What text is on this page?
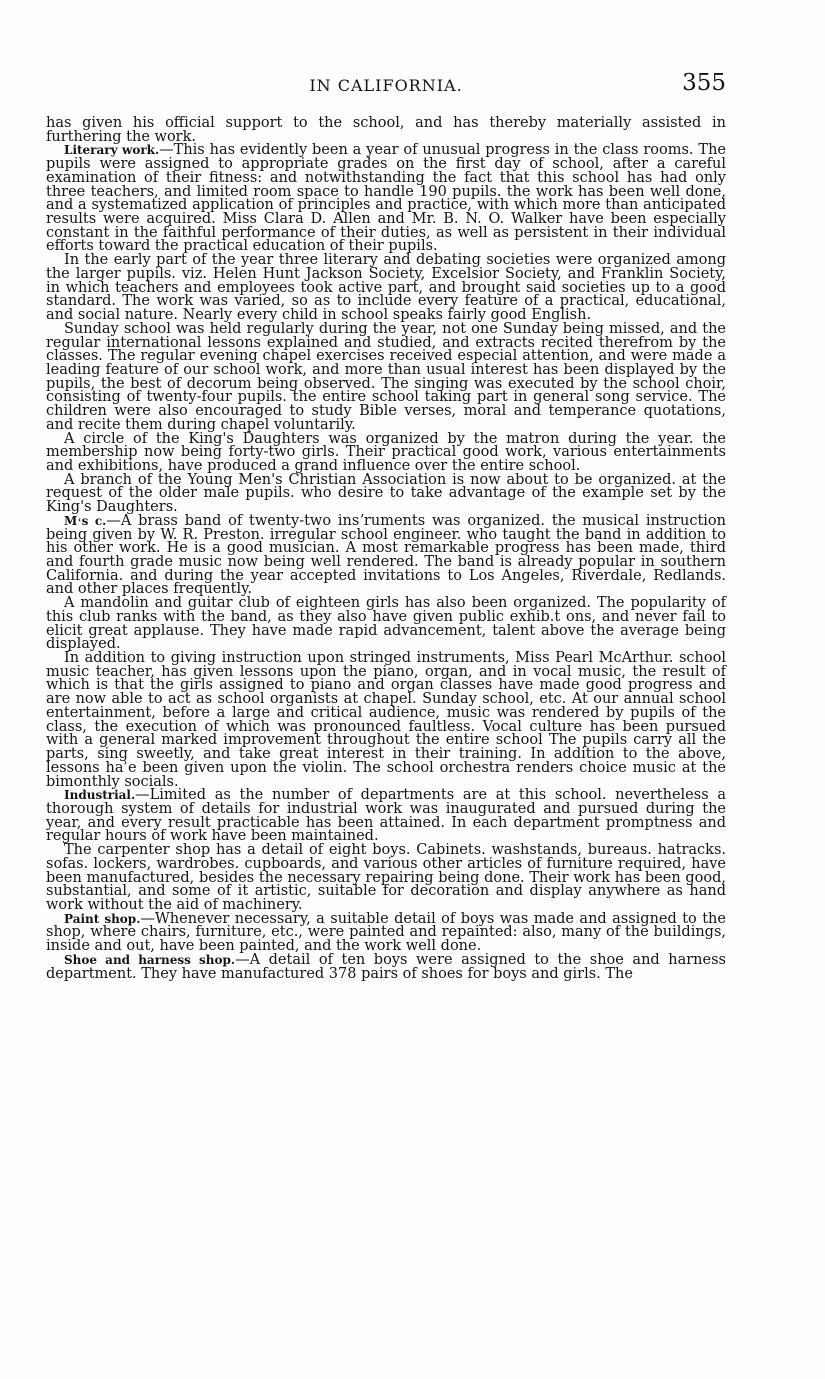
IN CALIFORNIA.	355

has given his official support to the school, and has thereby materially assisted in furthering the work.

Literary work.—This has evidently been a year of unusual progress in the class rooms. The pupils were assigned to appropriate grades on the first day of school, after a careful examination of their fitness: and notwithstanding the fact that this school has had only three teachers, and limited room space to handle 190 pupils. the work has been well done, and a systematized application of principles and practice, with which more than anticipated results were acquired. Miss Clara D. Allen and Mr. B. N. O. Walker have been especially constant in the faithful performance of their duties, as well as persistent in their individual efforts toward the practical education of their pupils.

In the early part of the year three literary and debating societies were organized among the larger pupils. viz. Helen Hunt Jackson Society, Excelsior Society, and Franklin Society, in which teachers and employees took active part, and brought said societies up to a good standard. The work was varied, so as to include every feature of a practical, educational, and social nature. Nearly every child in school speaks fairly good English.

Sunday school was held regularly during the year, not one Sunday being missed, and the regular international lessons explained and studied, and extracts recited therefrom by the classes. The regular evening chapel exercises received especial attention, and were made a leading feature of our school work, and more than usual interest has been displayed by the pupils, the best of decorum being observed. The singing was executed by the school choir, consisting of twenty-four pupils. the entire school taking part in general song service. The children were also encouraged to study Bible verses, moral and temperance quotations, and recite them during chapel voluntarily.

A circle of the King's Daughters was organized by the matron during the year. the membership now being forty-two girls. Their practical good work, various entertainments and exhibitions, have produced a grand influence over the entire school.

A branch of the Young Men's Christian Association is now about to be organized. at the request of the older male pupils. who desire to take advantage of the example set by the King's Daughters.

M˓s c.—A brass band of twenty-two insʼruments was organized. the musical instruction being given by W. R. Preston. irregular school engineer. who taught the band in addition to his other work. He is a good musician. A most remarkable progress has been made, third and fourth grade music now being well rendered. The band is already popular in southern California. and during the year accepted invitations to Los Angeles, Riverdale, Redlands. and other places frequently.

A mandolin and guitar club of eighteen girls has also been organized. The popularity of this club ranks with the band, as they also have given public exhib.t ons, and never fail to elicit great applause. They have made rapid advancement, talent above the average being displayed.

In addition to giving instruction upon stringed instruments, Miss Pearl McArthur. school music teacher, has given lessons upon the piano, organ, and in vocal music, the result of which is that the girls assigned to piano and organ classes have made good progress and are now able to act as school organists at chapel. Sunday school, etc. At our annual school entertainment, before a large and critical audience, music was rendered by pupils of the class, the execution of which was pronounced faultless. Vocal culture has been pursued with a general marked improvement throughout the entire school The pupils carry all the parts, sing sweetly, and take great interest in their training. In addition to the above, lessons haʾe been given upon the violin. The school orchestra renders choice music at the bimonthly socials.

Industrial.—Limited as the number of departments are at this school. nevertheless a thorough system of details for industrial work was inaugurated and pursued during the year, and every result practicable has been attained. In each department promptness and regular hours of work have been maintained.

The carpenter shop has a detail of eight boys. Cabinets. washstands, bureaus. hatracks. sofas. lockers, wardrobes. cupboards, and various other articles of furniture required, have been manufactured, besides the necessary repairing being done. Their work has been good, substantial, and some of it artistic, suitable for decoration and display anywhere as hand work without the aid of machinery.

Paint shop.—Whenever necessary, a suitable detail of boys was made and assigned to the shop, where chairs, furniture, etc., were painted and repainted: also, many of the buildings, inside and out, have been painted, and the work well done.

Shoe and harness shop.—A detail of ten boys were assigned to the shoe and harness department. They have manufactured 378 pairs of shoes for boys and girls. The
